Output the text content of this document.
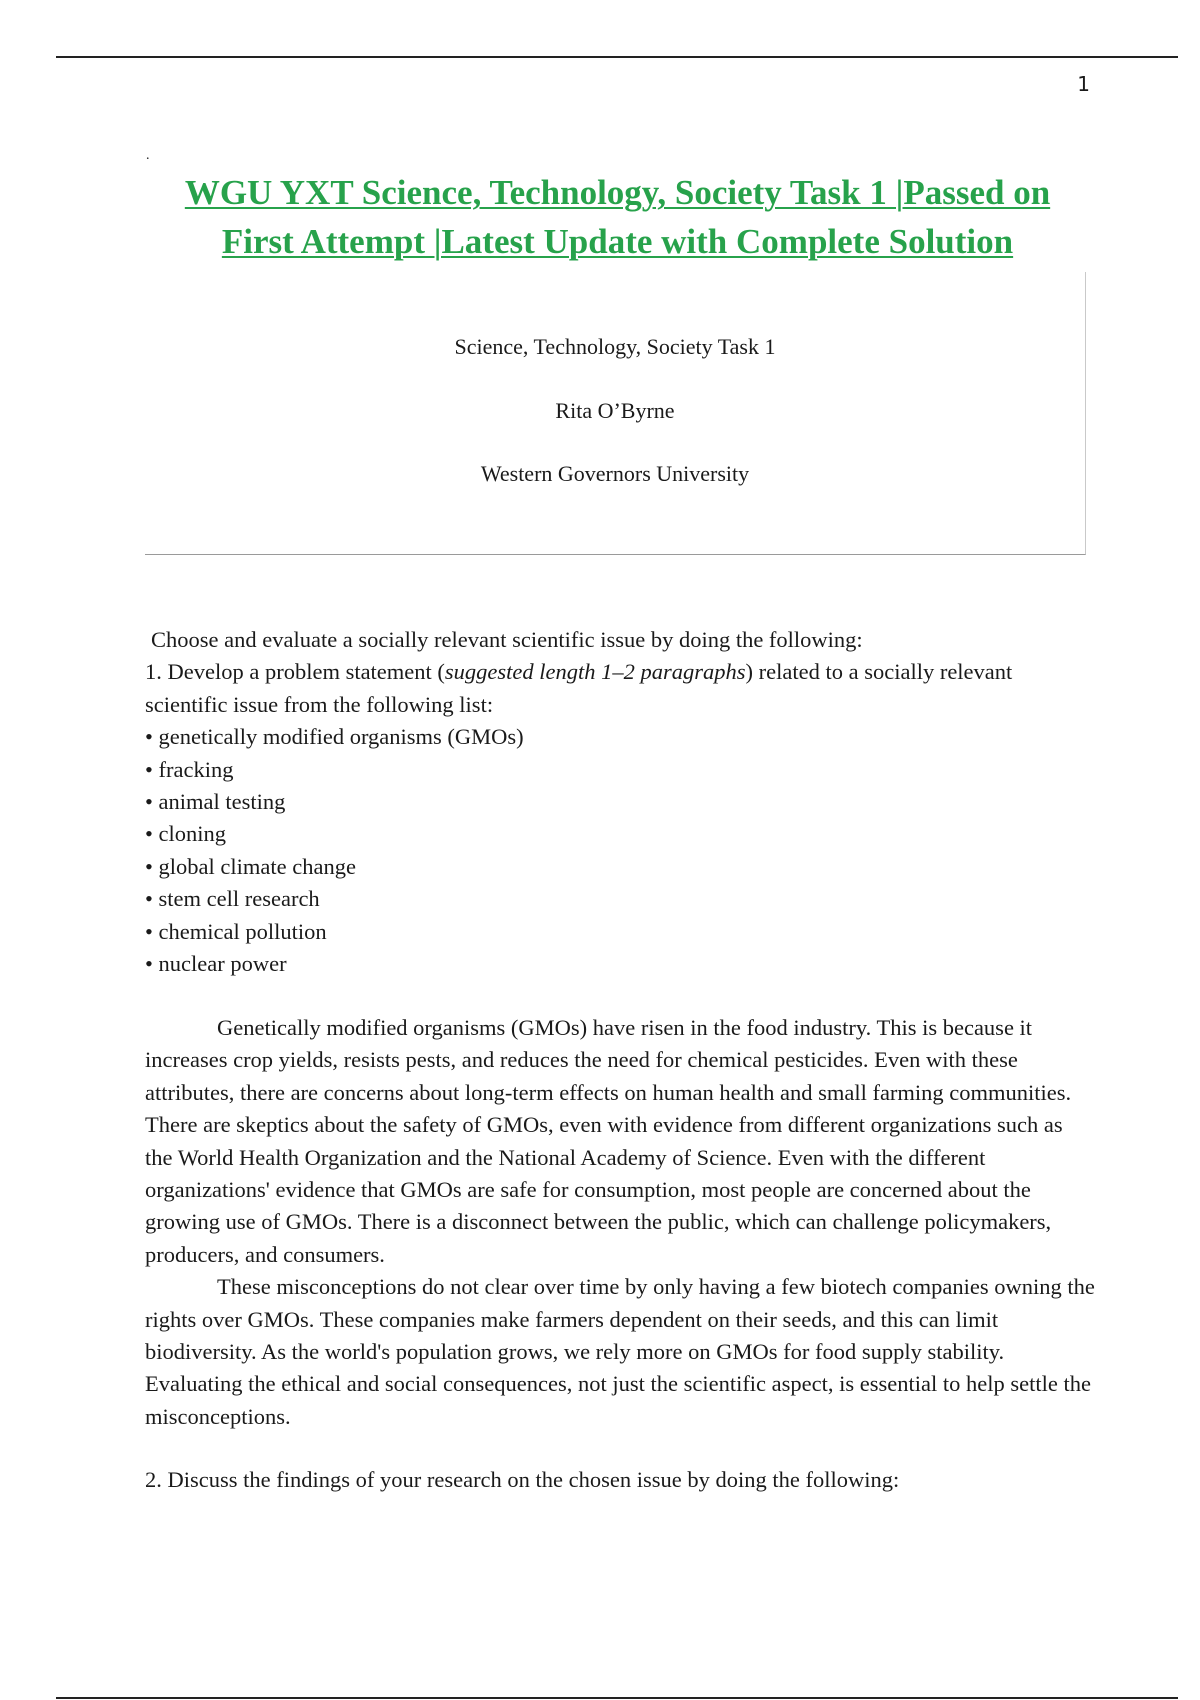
1
.
WGU YXT Science, Technology, Society Task 1 |Passed on
First Attempt |Latest Update with Complete Solution
Science, Technology, Society Task 1
Rita O’Byrne
Western Governors University

Choose and evaluate a socially relevant scientific issue by doing the following:

1. Develop a problem statement (suggested length 1–2 paragraphs) related to a socially relevant scientific issue from the following list:

• genetically modified organisms (GMOs)
• fracking
• animal testing
• cloning
• global climate change
• stem cell research
• chemical pollution
• nuclear power

Genetically modified organisms (GMOs) have risen in the food industry. This is because it increases crop yields, resists pests, and reduces the need for chemical pesticides. Even with these attributes, there are concerns about long-term effects on human health and small farming communities. There are skeptics about the safety of GMOs, even with evidence from different organizations such as the World Health Organization and the National Academy of Science. Even with the different organizations' evidence that GMOs are safe for consumption, most people are concerned about the growing use of GMOs. There is a disconnect between the public, which can challenge policymakers, producers, and consumers.

These misconceptions do not clear over time by only having a few biotech companies owning the rights over GMOs. These companies make farmers dependent on their seeds, and this can limit biodiversity. As the world's population grows, we rely more on GMOs for food supply stability. Evaluating the ethical and social consequences, not just the scientific aspect, is essential to help settle the misconceptions.

2. Discuss the findings of your research on the chosen issue by doing the following:
